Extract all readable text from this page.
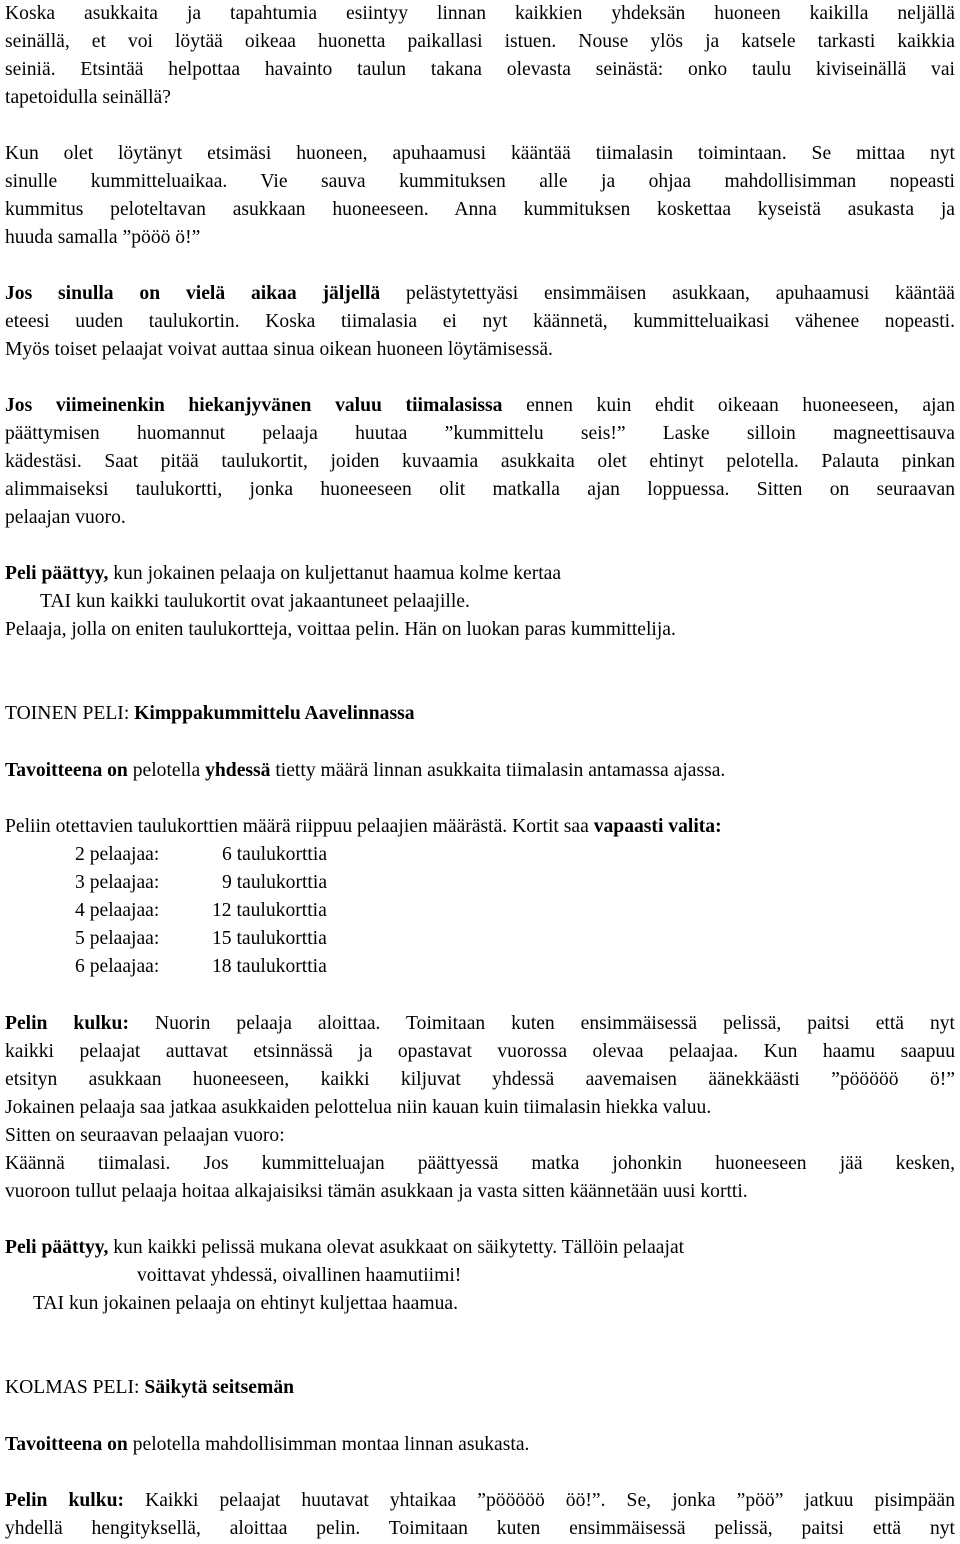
Koska asukkaita ja tapahtumia esiintyy linnan kaikkien yhdeksän huoneen kaikilla neljällä
seinällä, et voi löytää oikeaa huonetta paikallasi istuen. Nouse ylös ja katsele tarkasti kaikkia
seiniä. Etsintää helpottaa havainto taulun takana olevasta seinästä: onko taulu kiviseinällä vai
tapetoidulla seinällä?
Kun olet löytänyt etsimäsi huoneen, apuhaamusi kääntää tiimalasin toimintaan. Se mittaa nyt
sinulle kummitteluaikaa. Vie sauva kummituksen alle ja ohjaa mahdollisimman nopeasti
kummitus peloteltavan asukkaan huoneeseen. Anna kummituksen koskettaa kyseistä asukasta ja
huuda samalla ”pööö ö!”
Jos sinulla on vielä aikaa jäljellä pelästytettyäsi ensimmäisen asukkaan, apuhaamusi kääntää
eteesi uuden taulukortin. Koska tiimalasia ei nyt käännetä, kummitteluaikasi vähenee nopeasti.
Myös toiset pelaajat voivat auttaa sinua oikean huoneen löytämisessä.
Jos viimeinenkin hiekanjyvänen valuu tiimalasissa ennen kuin ehdit oikeaan huoneeseen, ajan
päättymisen huomannut pelaaja huutaa ”kummittelu seis!” Laske silloin magneettisauva
kädestäsi. Saat pitää taulukortit, joiden kuvaamia asukkaita olet ehtinyt pelotella. Palauta pinkan
alimmaiseksi taulukortti, jonka huoneeseen olit matkalla ajan loppuessa. Sitten on seuraavan
pelaajan vuoro.
Peli päättyy, kun jokainen pelaaja on kuljettanut haamua kolme kertaa
TAI kun kaikki taulukortit ovat jakaantuneet pelaajille.
Pelaaja, jolla on eniten taulukortteja, voittaa pelin. Hän on luokan paras kummittelija.
TOINEN PELI: Kimppakummittelu Aavelinnassa
Tavoitteena on pelotella yhdessä tietty määrä linnan asukkaita tiimalasin antamassa ajassa.
Peliin otettavien taulukorttien määrä riippuu pelaajien määrästä. Kortit saa vapaasti valita:
2 pelaajaa:	6 taulukorttia
3 pelaajaa:	9 taulukorttia
4 pelaajaa:	12 taulukorttia
5 pelaajaa:	15 taulukorttia
6 pelaajaa:	18 taulukorttia
Pelin kulku: Nuorin pelaaja aloittaa. Toimitaan kuten ensimmäisessä pelissä, paitsi että nyt
kaikki pelaajat auttavat etsinnässä ja opastavat vuorossa olevaa pelaajaa. Kun haamu saapuu
etsityn asukkaan huoneeseen, kaikki kiljuvat yhdessä aavemaisen äänekkäästi ”pööööö ö!”
Jokainen pelaaja saa jatkaa asukkaiden pelottelua niin kauan kuin tiimalasin hiekka valuu.
Sitten on seuraavan pelaajan vuoro:
Käännä tiimalasi. Jos kummitteluajan päättyessä matka johonkin huoneeseen jää kesken,
vuoroon tullut pelaaja hoitaa alkajaisiksi tämän asukkaan ja vasta sitten käännetään uusi kortti.
Peli päättyy, kun kaikki pelissä mukana olevat asukkaat on säikytetty. Tällöin pelaajat
voittavat yhdessä, oivallinen haamutiimi!
TAI kun jokainen pelaaja on ehtinyt kuljettaa haamua.
KOLMAS PELI: Säikytä seitsemän
Tavoitteena on pelotella mahdollisimman montaa linnan asukasta.
Pelin kulku: Kaikki pelaajat huutavat yhtaikaa ”pööööö öö!”. Se, jonka ”pöö” jatkuu pisimpään
yhdellä hengityksellä, aloittaa pelin. Toimitaan kuten ensimmäisessä pelissä, paitsi että nyt
